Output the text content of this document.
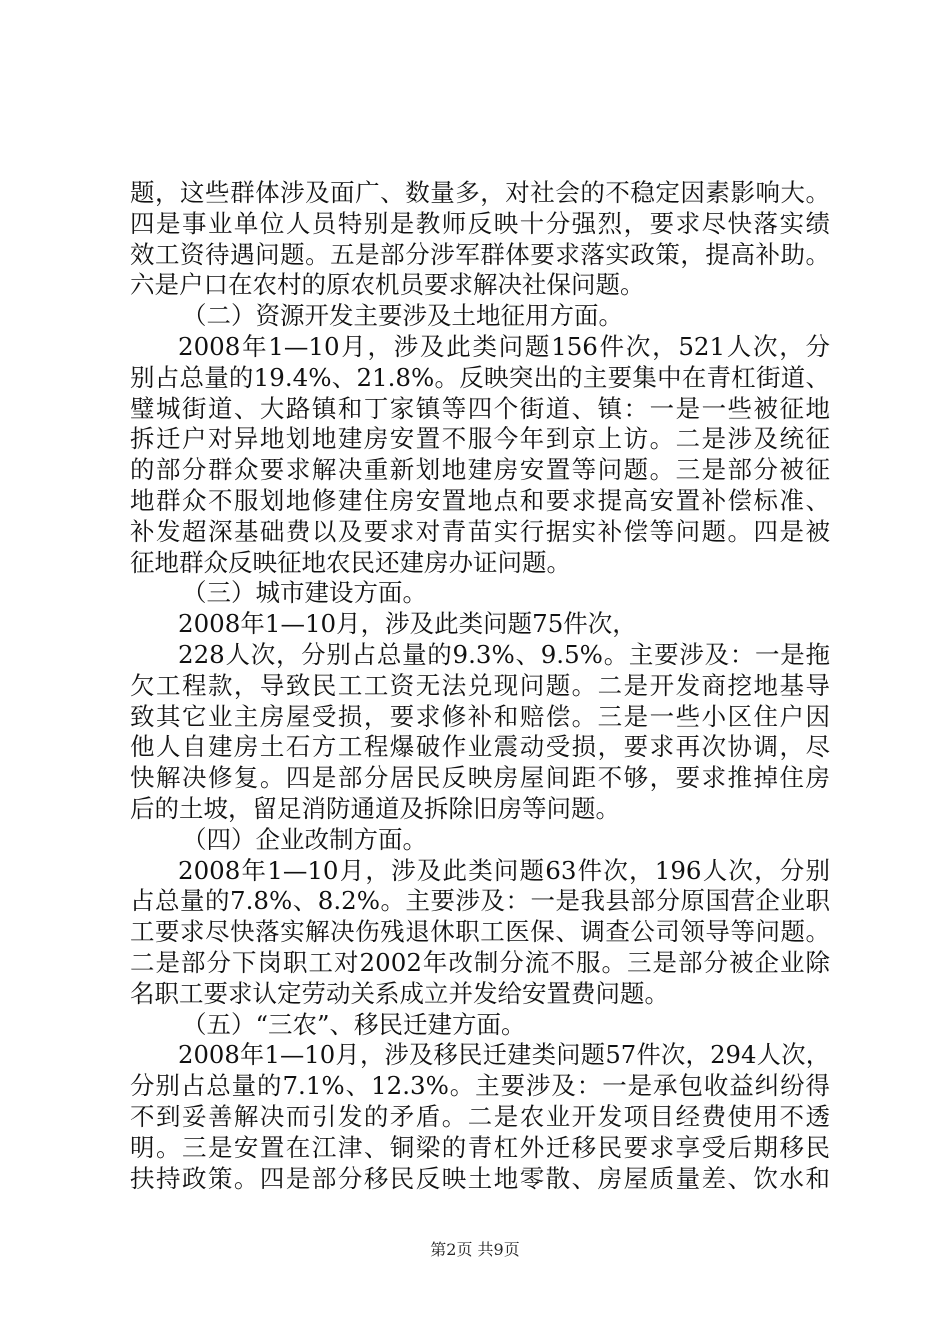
题，这些群体涉及面广、数量多，对社会的不稳定因素影响大。
四是事业单位人员特别是教师反映十分强烈，要求尽快落实绩
效工资待遇问题。五是部分涉军群体要求落实政策，提高补助。
六是户口在农村的原农机员要求解决社保问题。
（二）资源开发主要涉及土地征用方面。
2008年1—10月，涉及此类问题156件次，521人次，分
别占总量的19.4%、21.8%。反映突出的主要集中在青杠街道、
璧城街道、大路镇和丁家镇等四个街道、镇：一是一些被征地
拆迁户对异地划地建房安置不服今年到京上访。二是涉及统征
的部分群众要求解决重新划地建房安置等问题。三是部分被征
地群众不服划地修建住房安置地点和要求提高安置补偿标准、
补发超深基础费以及要求对青苗实行据实补偿等问题。四是被
征地群众反映征地农民还建房办证问题。
（三）城市建设方面。
2008年1—10月，涉及此类问题75件次，
228人次，分别占总量的9.3%、9.5%。主要涉及：一是拖
欠工程款，导致民工工资无法兑现问题。二是开发商挖地基导
致其它业主房屋受损，要求修补和赔偿。三是一些小区住户因
他人自建房土石方工程爆破作业震动受损，要求再次协调，尽
快解决修复。四是部分居民反映房屋间距不够，要求推掉住房
后的土坡，留足消防通道及拆除旧房等问题。
（四）企业改制方面。
2008年1—10月，涉及此类问题63件次，196人次，分别
占总量的7.8%、8.2%。主要涉及：一是我县部分原国营企业职
工要求尽快落实解决伤残退休职工医保、调查公司领导等问题。
二是部分下岗职工对2002年改制分流不服。三是部分被企业除
名职工要求认定劳动关系成立并发给安置费问题。
（五）“三农”、移民迁建方面。
2008年1—10月，涉及移民迁建类问题57件次，294人次，
分别占总量的7.1%、12.3%。主要涉及：一是承包收益纠纷得
不到妥善解决而引发的矛盾。二是农业开发项目经费使用不透
明。三是安置在江津、铜梁的青杠外迁移民要求享受后期移民
扶持政策。四是部分移民反映土地零散、房屋质量差、饮水和
第2页 共9页
